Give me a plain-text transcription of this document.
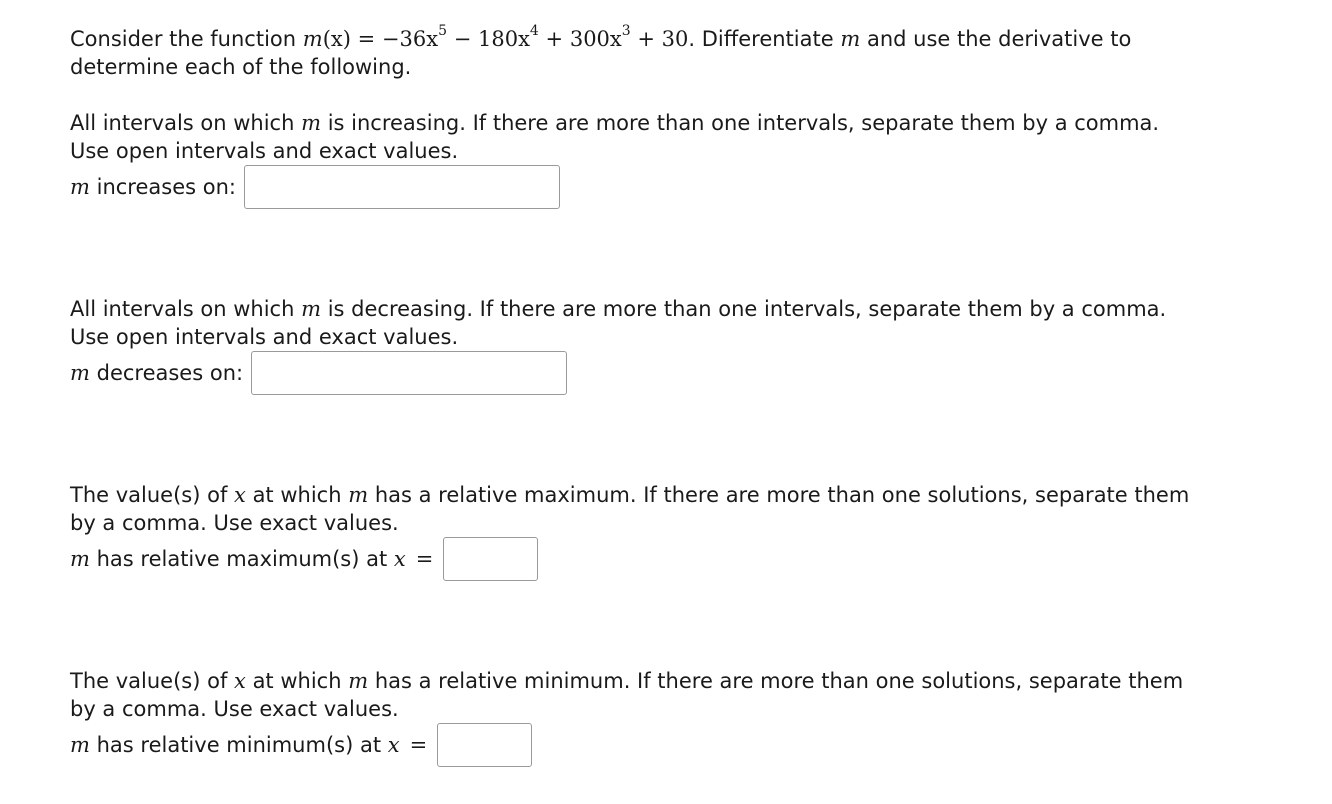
Consider the function $m(x) = -36x^5 - 180x^4 + 300x^3 + 30$. Differentiate m and use the derivative to
determine each of the following.
All intervals on which m is increasing. If there are more than one intervals, separate them by a comma.
Use open intervals and exact values.
m
increases on:
All intervals on which m is decreasing. If there are more than one intervals, separate them by a comma.
Use open intervals and exact values.
m
decreases on:
The value(s) of x at which m has a relative maximum. If there are more than one solutions, separate them
by a comma. Use exact values.
m
has relative maximum(s) at
x =
The value(s) of x at which m has a relative minimum. If there are more than one solutions, separate them
by a comma. Use exact values.
m
has relative minimum(s) at
x =
